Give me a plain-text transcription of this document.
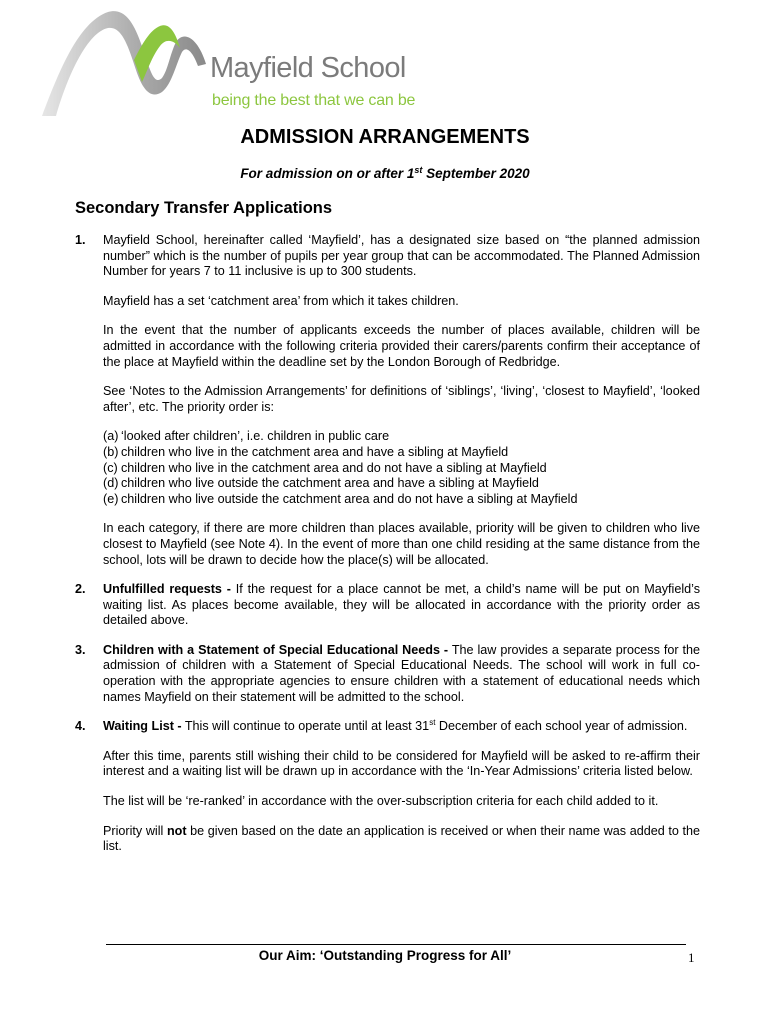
Mayfield School
being the best that we can be
ADMISSION ARRANGEMENTS
For admission on or after 1st September 2020
Secondary Transfer Applications
1.	Mayfield School, hereinafter called ‘Mayfield’, has a designated size based on “the planned admission number” which is the number of pupils per year group that can be accommodated. The Planned Admission Number for years 7 to 11 inclusive is up to 300 students.

Mayfield has a set ‘catchment area’ from which it takes children.

In the event that the number of applicants exceeds the number of places available, children will be admitted in accordance with the following criteria provided their carers/parents confirm their acceptance of the place at Mayfield within the deadline set by the London Borough of Redbridge.

See ‘Notes to the Admission Arrangements’ for definitions of ‘siblings’, ‘living’, ‘closest to Mayfield’, ‘looked after’, etc. The priority order is:

(a) ‘looked after children’, i.e. children in public care
(b) children who live in the catchment area and have a sibling at Mayfield
(c) children who live in the catchment area and do not have a sibling at Mayfield
(d) children who live outside the catchment area and have a sibling at Mayfield
(e) children who live outside the catchment area and do not have a sibling at Mayfield

In each category, if there are more children than places available, priority will be given to children who live closest to Mayfield (see Note 4). In the event of more than one child residing at the same distance from the school, lots will be drawn to decide how the place(s) will be allocated.

2.	Unfulfilled requests - If the request for a place cannot be met, a child’s name will be put on Mayfield’s waiting list. As places become available, they will be allocated in accordance with the priority order as detailed above.

3.	Children with a Statement of Special Educational Needs - The law provides a separate process for the admission of children with a Statement of Special Educational Needs. The school will work in full co-operation with the appropriate agencies to ensure children with a statement of educational needs which names Mayfield on their statement will be admitted to the school.

4.	Waiting List - This will continue to operate until at least 31st December of each school year of admission.

After this time, parents still wishing their child to be considered for Mayfield will be asked to re-affirm their interest and a waiting list will be drawn up in accordance with the ‘In-Year Admissions’ criteria listed below.

The list will be ‘re-ranked’ in accordance with the over-subscription criteria for each child added to it.

Priority will not be given based on the date an application is received or when their name was added to the list.

Our Aim: ‘Outstanding Progress for All’	1
